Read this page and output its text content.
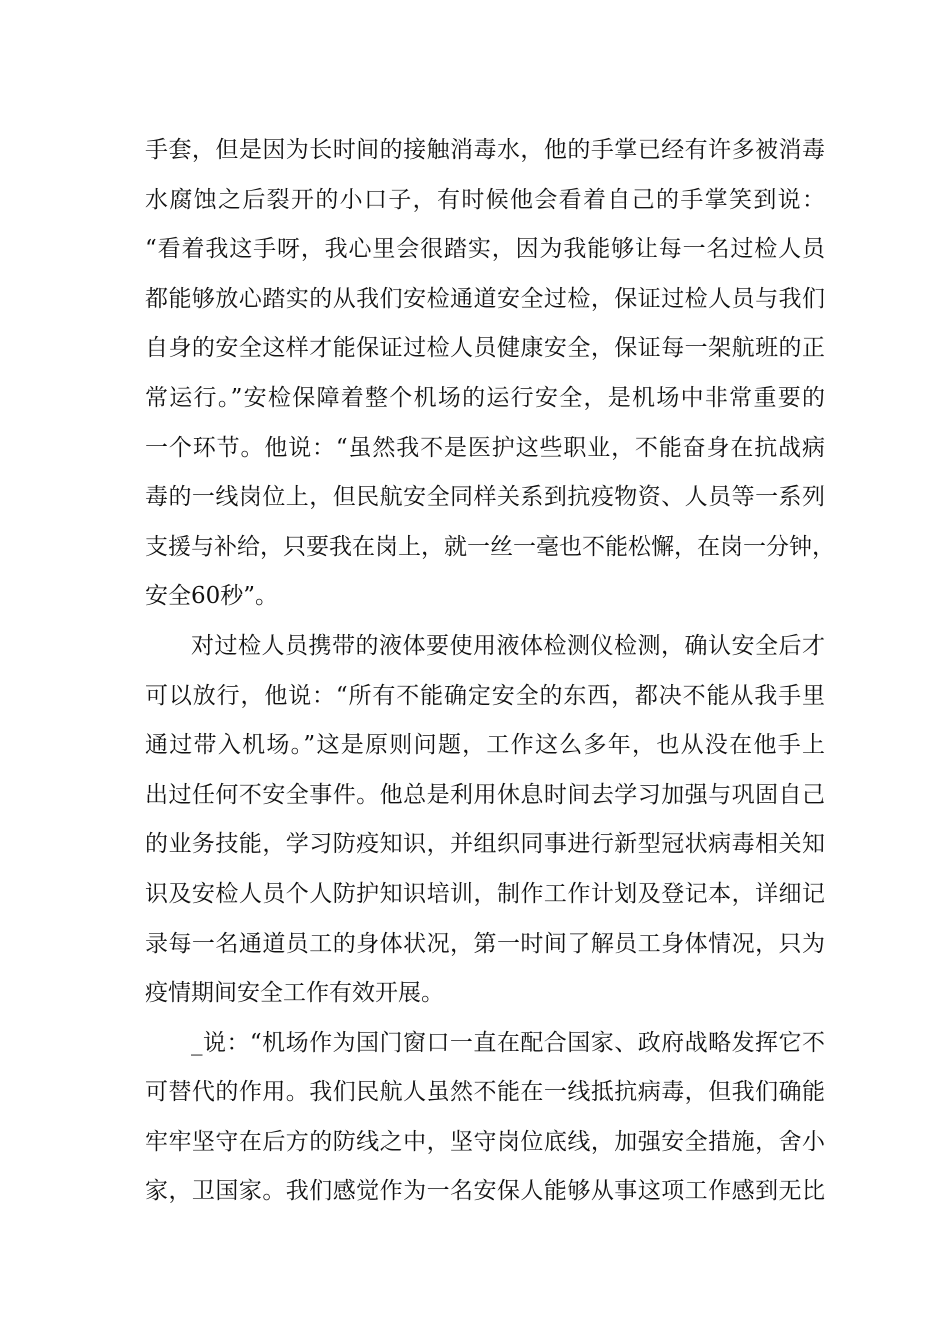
手套，但是因为长时间的接触消毒水，他的手掌已经有许多被消毒
水腐蚀之后裂开的小口子，有时候他会看着自己的手掌笑到说：
“看着我这手呀，我心里会很踏实，因为我能够让每一名过检人员
都能够放心踏实的从我们安检通道安全过检，保证过检人员与我们
自身的安全这样才能保证过检人员健康安全，保证每一架航班的正
常运行。”安检保障着整个机场的运行安全，是机场中非常重要的
一个环节。他说：“虽然我不是医护这些职业，不能奋身在抗战病
毒的一线岗位上，但民航安全同样关系到抗疫物资、人员等一系列
支援与补给，只要我在岗上，就一丝一毫也不能松懈，在岗一分钟，
安全60秒”。
对过检人员携带的液体要使用液体检测仪检测，确认安全后才
可以放行，他说：“所有不能确定安全的东西，都决不能从我手里
通过带入机场。”这是原则问题，工作这么多年，也从没在他手上
出过任何不安全事件。他总是利用休息时间去学习加强与巩固自己
的业务技能，学习防疫知识，并组织同事进行新型冠状病毒相关知
识及安检人员个人防护知识培训，制作工作计划及登记本，详细记
录每一名通道员工的身体状况，第一时间了解员工身体情况，只为
疫情期间安全工作有效开展。
_说：“机场作为国门窗口一直在配合国家、政府战略发挥它不
可替代的作用。我们民航人虽然不能在一线抵抗病毒，但我们确能
牢牢坚守在后方的防线之中，坚守岗位底线，加强安全措施，舍小
家，卫国家。我们感觉作为一名安保人能够从事这项工作感到无比
